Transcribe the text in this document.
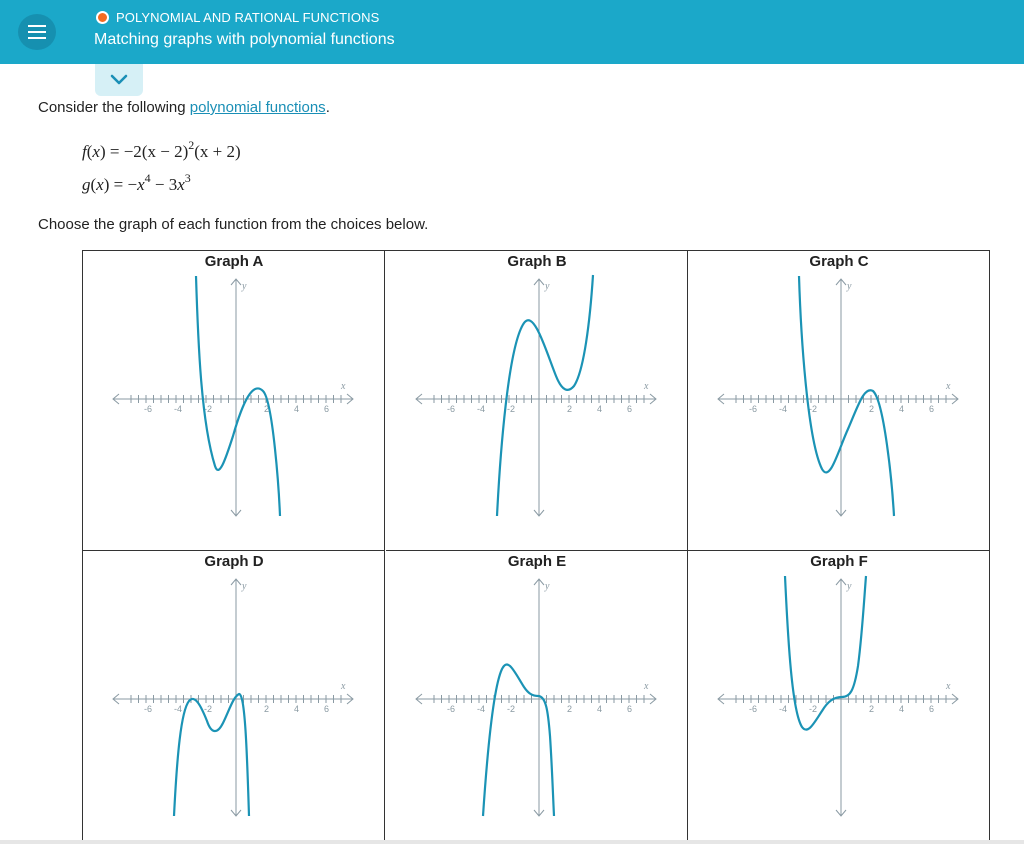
POLYNOMIAL AND RATIONAL FUNCTIONS
Matching graphs with polynomial functions
Consider the following polynomial functions.
$f(x) = -2(x - 2)^2(x + 2)$
$g(x) = -x^4 - 3x^3$
Choose the graph of each function from the choices below.
Graph A
-6 -4 -2	2	4	6
x
y
Graph B
-6 -4 -2	2	4	6
x
y
Graph C
-6 -4 -2	2	4	6
x
y
Graph D
-6 -4 -2	2	4	6
x
y
Graph E
-6 -4 -2	2	4	6
x
y
Graph F
-6 -4 -2	2	4	6
x
y
